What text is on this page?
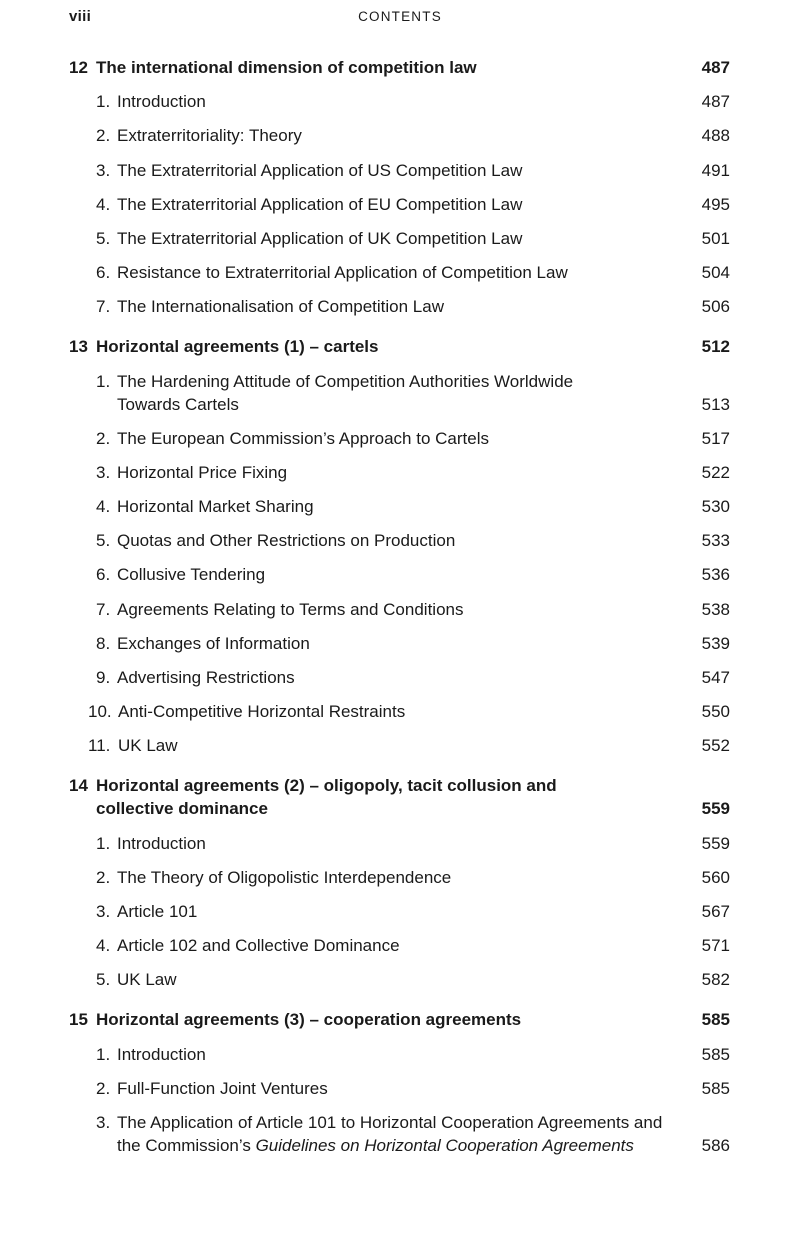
viii	CONTENTS
12 The international dimension of competition law	487
1. Introduction	487
2. Extraterritoriality: Theory	488
3. The Extraterritorial Application of US Competition Law	491
4. The Extraterritorial Application of EU Competition Law	495
5. The Extraterritorial Application of UK Competition Law	501
6. Resistance to Extraterritorial Application of Competition Law	504
7. The Internationalisation of Competition Law	506
13 Horizontal agreements (1) – cartels	512
1. The Hardening Attitude of Competition Authorities Worldwide
Towards Cartels	513
2. The European Commission’s Approach to Cartels	517
3. Horizontal Price Fixing	522
4. Horizontal Market Sharing	530
5. Quotas and Other Restrictions on Production	533
6. Collusive Tendering	536
7. Agreements Relating to Terms and Conditions	538
8. Exchanges of Information	539
9. Advertising Restrictions	547
10. Anti-Competitive Horizontal Restraints	550
11. UK Law	552
14 Horizontal agreements (2) – oligopoly, tacit collusion and
collective dominance	559
1. Introduction	559
2. The Theory of Oligopolistic Interdependence	560
3. Article 101	567
4. Article 102 and Collective Dominance	571
5. UK Law	582
15 Horizontal agreements (3) – cooperation agreements	585
1. Introduction	585
2. Full-Function Joint Ventures	585
3. The Application of Article 101 to Horizontal Cooperation Agreements and
the Commission’s Guidelines on Horizontal Cooperation Agreements	586
